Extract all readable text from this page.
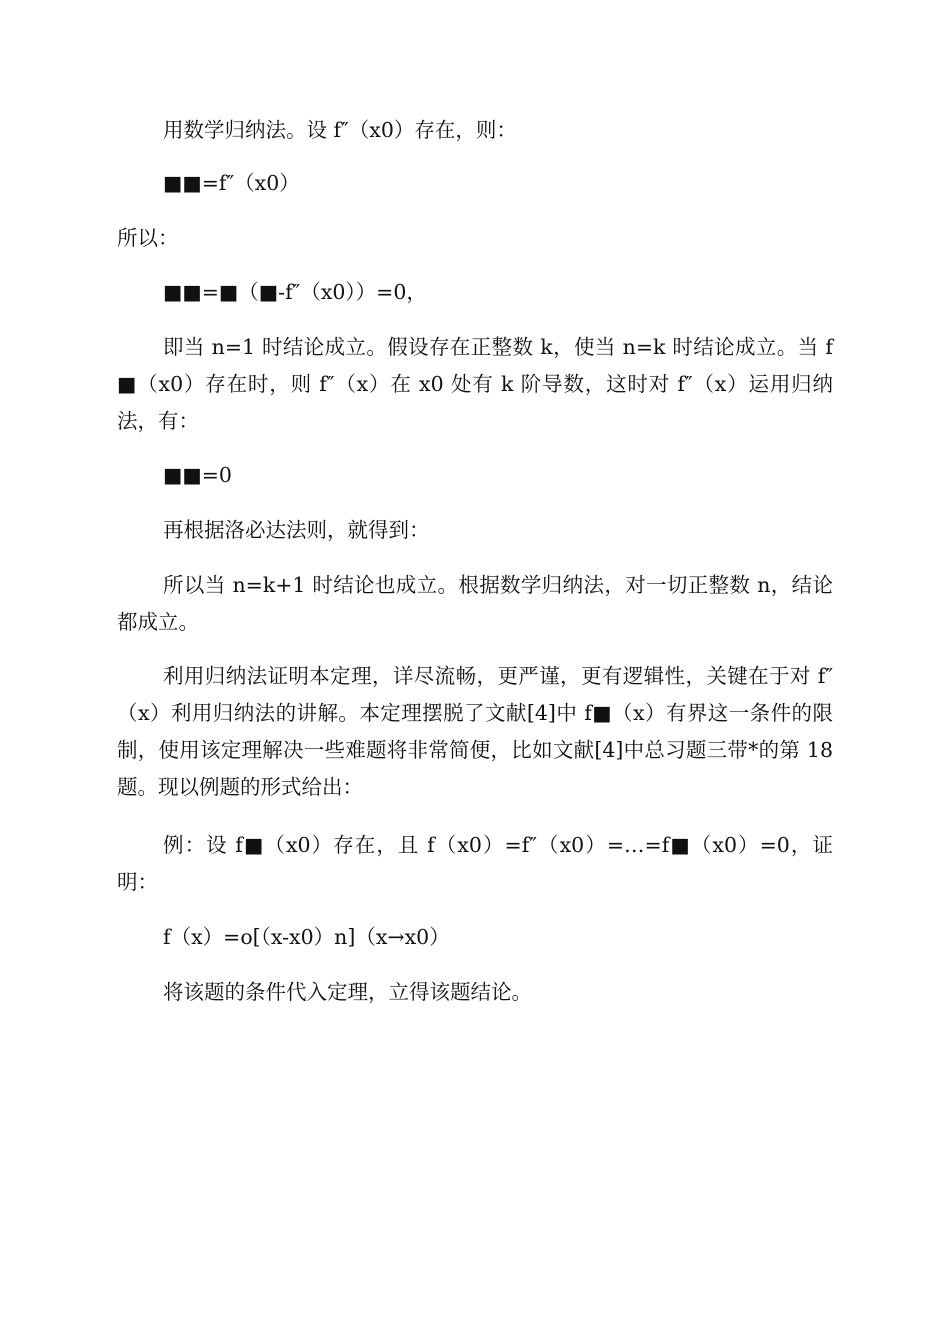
用数学归纳法。设 f″（x0）存在，则：

■■=f″（x0）

所以：

■■=■（■-f″（x0））=0，

即当 n=1 时结论成立。假设存在正整数 k，使当 n=k 时结论成立。当 f■（x0）存在时，则 f″（x）在 x0 处有 k 阶导数，这时对 f″（x）运用归纳法，有：

■■=0

再根据洛必达法则，就得到：

所以当 n=k+1 时结论也成立。根据数学归纳法，对一切正整数 n，结论都成立。

利用归纳法证明本定理，详尽流畅，更严谨，更有逻辑性，关键在于对 f″（x）利用归纳法的讲解。本定理摆脱了文献[4]中 f■（x）有界这一条件的限制，使用该定理解决一些难题将非常简便，比如文献[4]中总习题三带*的第 18 题。现以例题的形式给出：

例：设 f■（x0）存在，且 f（x0）=f″（x0）=…=f■（x0）=0，证明：

f（x）=o[（x-x0）n]（x→x0）

将该题的条件代入定理，立得该题结论。
